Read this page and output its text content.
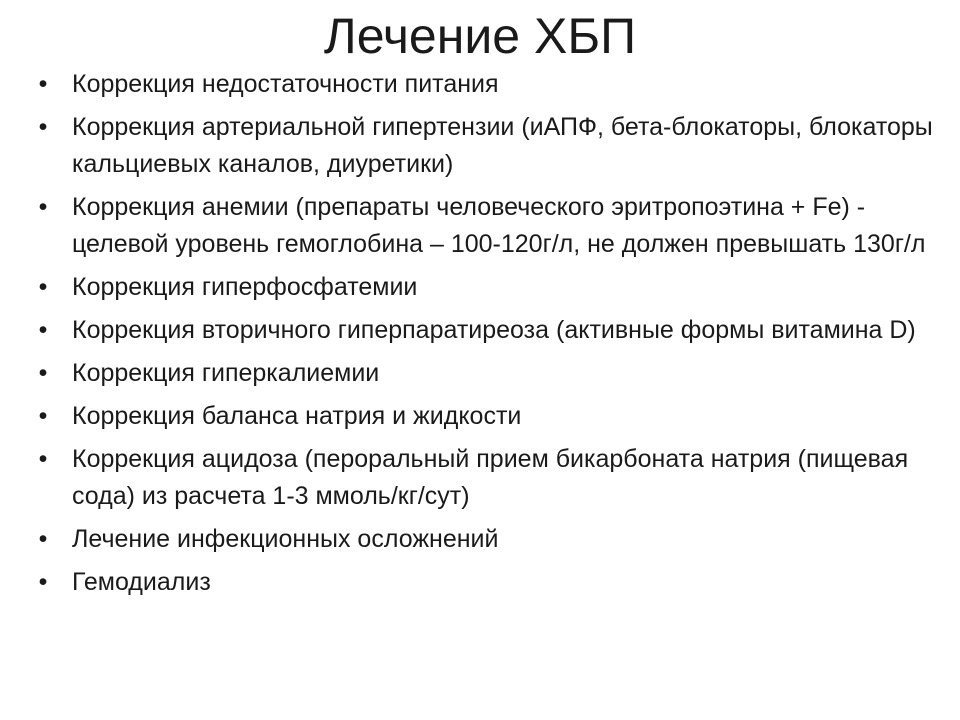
Лечение ХБП
• Коррекция недостаточности питания
• Коррекция артериальной гипертензии (иАПФ, бета-блокаторы, блокаторы кальциевых каналов, диуретики)
• Коррекция анемии (препараты человеческого эритропоэтина + Fe) - целевой уровень гемоглобина – 100-120г/л, не должен превышать 130г/л
• Коррекция гиперфосфатемии
• Коррекция вторичного гиперпаратиреоза (активные формы витамина D)
• Коррекция гиперкалиемии
• Коррекция баланса натрия и жидкости
• Коррекция ацидоза (пероральный прием бикарбоната натрия (пищевая сода) из расчета 1-3 ммоль/кг/сут)
• Лечение инфекционных осложнений
• Гемодиализ
